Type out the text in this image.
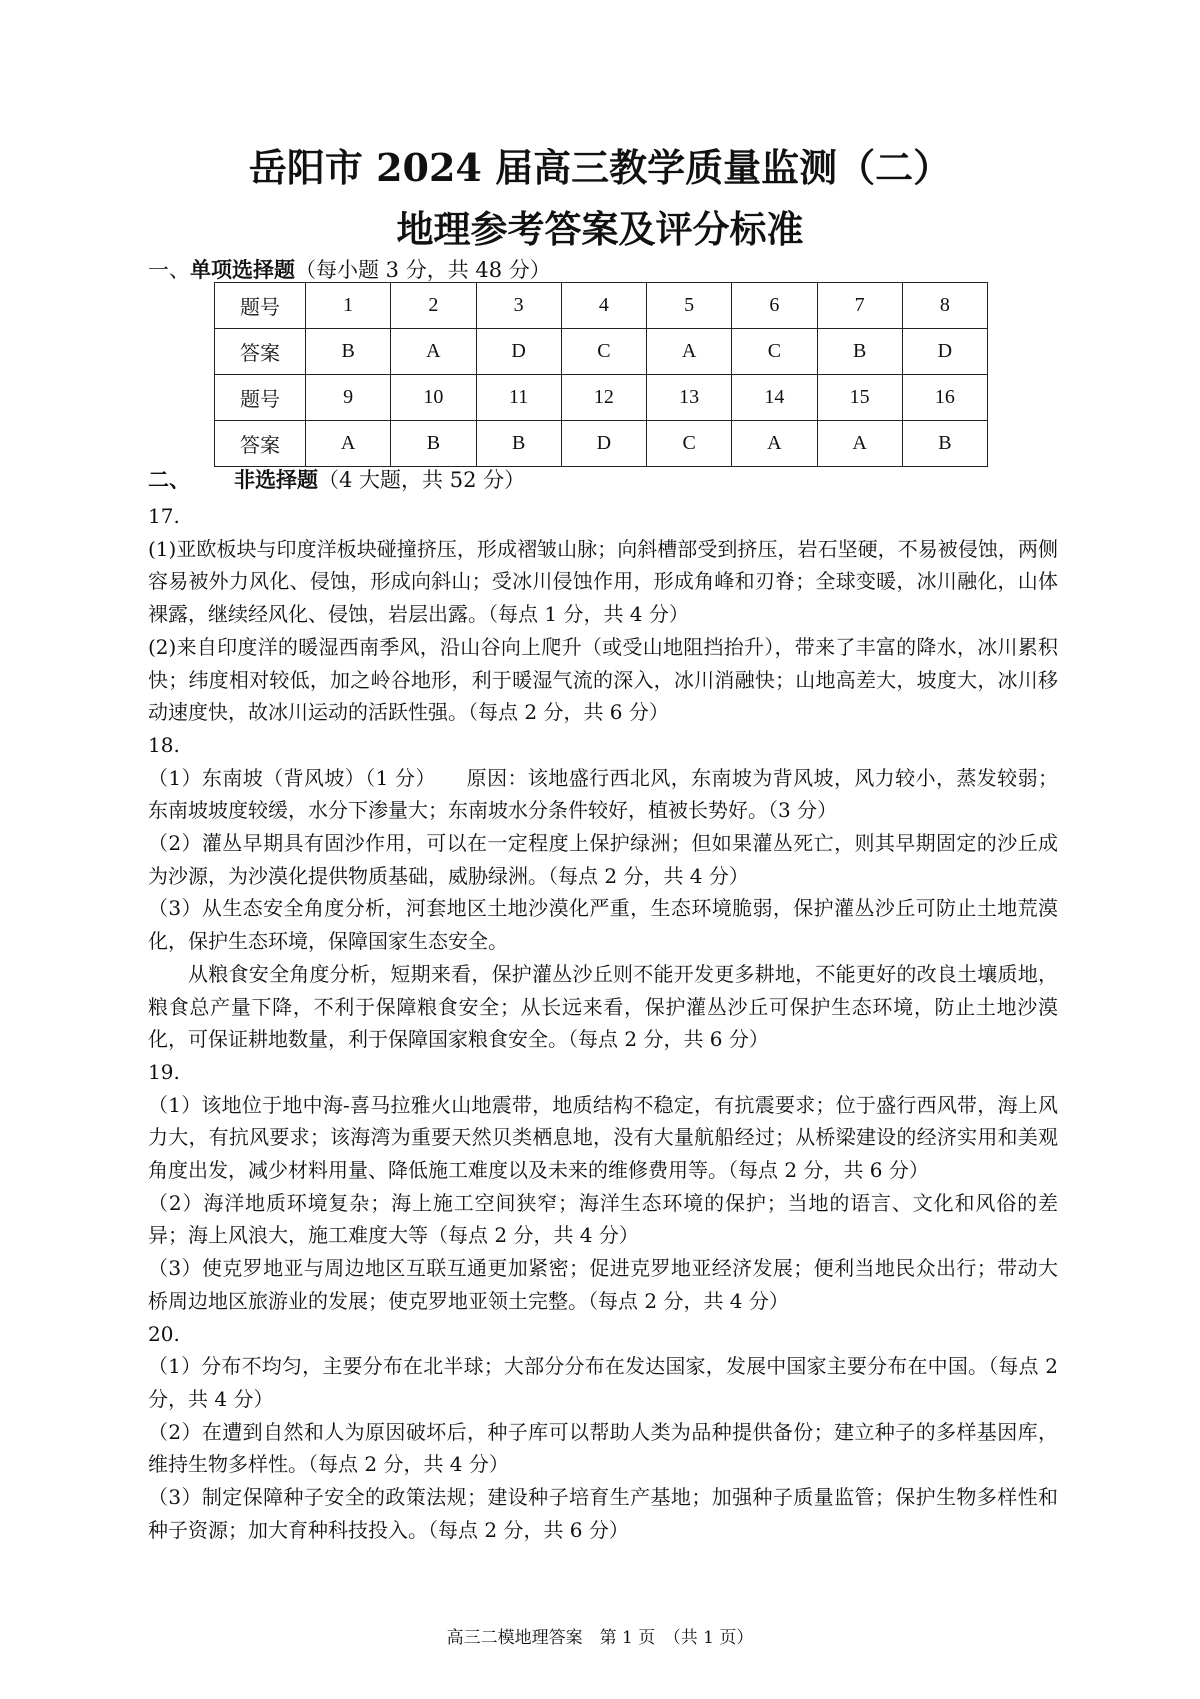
岳阳市 2024 届高三教学质量监测（二）
地理参考答案及评分标准
一、单项选择题（每小题 3 分，共 48 分）
题号	1	2	3	4	5	6	7	8
答案	B	A	D	C	A	C	B	D
题号	9	10	11	12	13	14	15	16
答案	A	B	B	D	C	A	A	B
二、 非选择题（4 大题，共 52 分）

17.

(1)亚欧板块与印度洋板块碰撞挤压，形成褶皱山脉；向斜槽部受到挤压，岩石坚硬，不易被侵蚀，两侧容易被外力风化、侵蚀，形成向斜山；受冰川侵蚀作用，形成角峰和刃脊；全球变暖，冰川融化，山体裸露，继续经风化、侵蚀，岩层出露。（每点 1 分，共 4 分）

(2)来自印度洋的暖湿西南季风，沿山谷向上爬升（或受山地阻挡抬升），带来了丰富的降水，冰川累积快；纬度相对较低，加之岭谷地形，利于暖湿气流的深入，冰川消融快；山地高差大，坡度大，冰川移动速度快，故冰川运动的活跃性强。（每点 2 分，共 6 分）

18.

（1）东南坡（背风坡）（1 分）　　原因：该地盛行西北风，东南坡为背风坡，风力较小，蒸发较弱；东南坡坡度较缓，水分下渗量大；东南坡水分条件较好，植被长势好。（3 分）

（2）灌丛早期具有固沙作用，可以在一定程度上保护绿洲；但如果灌丛死亡，则其早期固定的沙丘成为沙源，为沙漠化提供物质基础，威胁绿洲。（每点 2 分，共 4 分）

（3）从生态安全角度分析，河套地区土地沙漠化严重，生态环境脆弱，保护灌丛沙丘可防止土地荒漠化，保护生态环境，保障国家生态安全。

从粮食安全角度分析，短期来看，保护灌丛沙丘则不能开发更多耕地，不能更好的改良土壤质地，粮食总产量下降，不利于保障粮食安全；从长远来看，保护灌丛沙丘可保护生态环境，防止土地沙漠化，可保证耕地数量，利于保障国家粮食安全。（每点 2 分，共 6 分）

19.

（1）该地位于地中海-喜马拉雅火山地震带，地质结构不稳定，有抗震要求；位于盛行西风带，海上风力大，有抗风要求；该海湾为重要天然贝类栖息地，没有大量航船经过；从桥梁建设的经济实用和美观角度出发，减少材料用量、降低施工难度以及未来的维修费用等。（每点 2 分，共 6 分）

（2）海洋地质环境复杂；海上施工空间狭窄；海洋生态环境的保护；当地的语言、文化和风俗的差异；海上风浪大，施工难度大等（每点 2 分，共 4 分）

（3）使克罗地亚与周边地区互联互通更加紧密；促进克罗地亚经济发展；便利当地民众出行；带动大桥周边地区旅游业的发展；使克罗地亚领土完整。（每点 2 分，共 4 分）

20.

（1）分布不均匀，主要分布在北半球；大部分分布在发达国家，发展中国家主要分布在中国。（每点 2 分，共 4 分）

（2）在遭到自然和人为原因破坏后，种子库可以帮助人类为品种提供备份；建立种子的多样基因库，维持生物多样性。（每点 2 分，共 4 分）

（3）制定保障种子安全的政策法规；建设种子培育生产基地；加强种子质量监管；保护生物多样性和种子资源；加大育种科技投入。（每点 2 分，共 6 分）

高三二模地理答案　第 1 页　（共 1 页）
